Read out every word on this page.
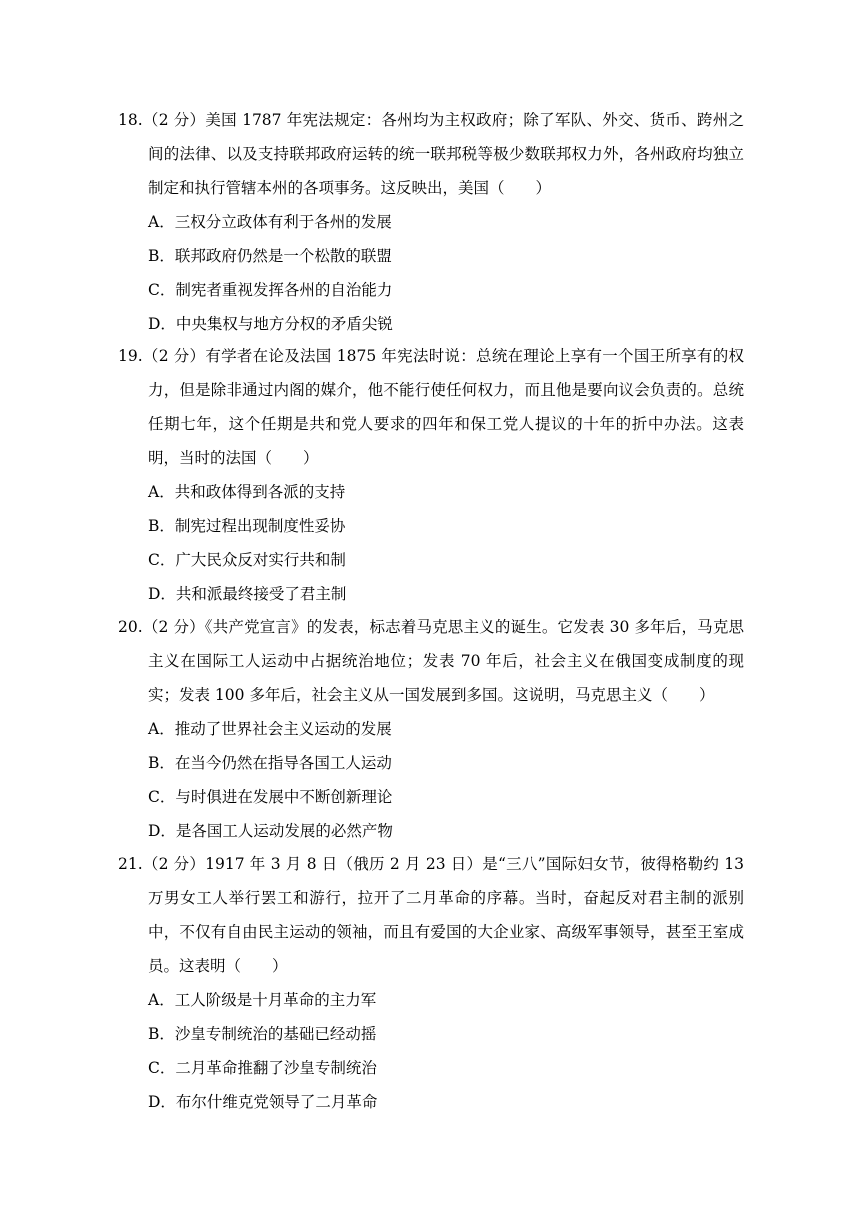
18.（2 分）美国 1787 年宪法规定：各州均为主权政府；除了军队、外交、货币、跨州之间的法律、以及支持联邦政府运转的统一联邦税等极少数联邦权力外，各州政府均独立制定和执行管辖本州的各项事务。这反映出，美国（　　）

A．三权分立政体有利于各州的发展

B．联邦政府仍然是一个松散的联盟

C．制宪者重视发挥各州的自治能力

D．中央集权与地方分权的矛盾尖锐

19.（2 分）有学者在论及法国 1875 年宪法时说：总统在理论上享有一个国王所享有的权力，但是除非通过内阁的媒介，他不能行使任何权力，而且他是要向议会负责的。总统任期七年，这个任期是共和党人要求的四年和保工党人提议的十年的折中办法。这表明，当时的法国（　　）

A．共和政体得到各派的支持

B．制宪过程出现制度性妥协

C．广大民众反对实行共和制

D．共和派最终接受了君主制

20.（2 分）《共产党宣言》的发表，标志着马克思主义的诞生。它发表 30 多年后，马克思主义在国际工人运动中占据统治地位；发表 70 年后，社会主义在俄国变成制度的现实；发表 100 多年后，社会主义从一国发展到多国。这说明，马克思主义（　　）

A．推动了世界社会主义运动的发展

B．在当今仍然在指导各国工人运动

C．与时俱进在发展中不断创新理论

D．是各国工人运动发展的必然产物

21.（2 分）1917 年 3 月 8 日（俄历 2 月 23 日）是“三八”国际妇女节，彼得格勒约 13 万男女工人举行罢工和游行，拉开了二月革命的序幕。当时，奋起反对君主制的派别中，不仅有自由民主运动的领袖，而且有爱国的大企业家、高级军事领导，甚至王室成员。这表明（　　）

A．工人阶级是十月革命的主力军

B．沙皇专制统治的基础已经动摇

C．二月革命推翻了沙皇专制统治

D．布尔什维克党领导了二月革命
